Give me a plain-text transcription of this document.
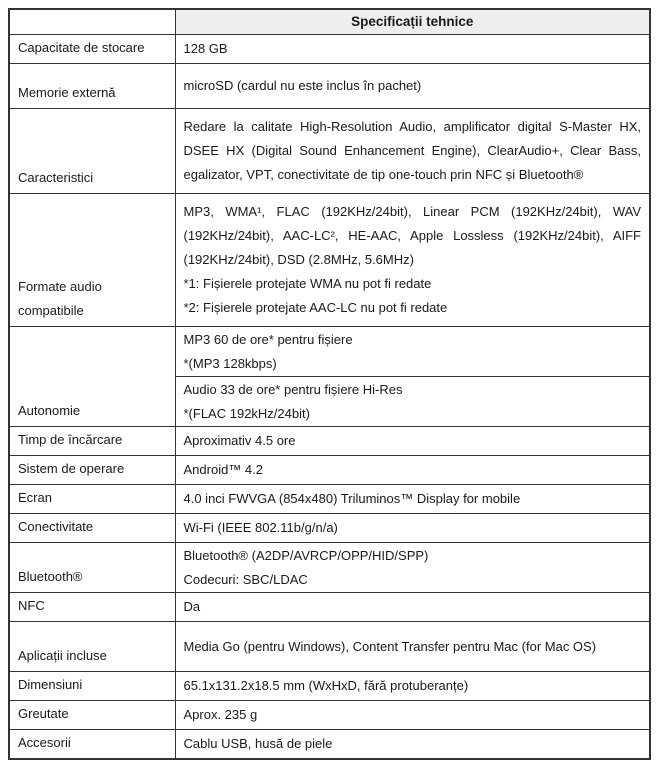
	Specificații tehnice
Capacitate de stocare	128 GB
Memorie externă	microSD (cardul nu este inclus în pachet)
Caracteristici	Redare la calitate High-Resolution Audio, amplificator digital S-Master HX, DSEE HX (Digital Sound Enhancement Engine), ClearAudio+, Clear Bass, egalizator, VPT, conectivitate de tip one-touch prin NFC și Bluetooth®

Formate audio compatibile	MP3, WMA¹, FLAC (192KHz/24bit), Linear PCM (192KHz/24bit), WAV (192KHz/24bit), AAC-LC², HE-AAC, Apple Lossless (192KHz/24bit), AIFF (192KHz/24bit), DSD (2.8MHz, 5.6MHz)
*1: Fișierele protejate WMA nu pot fi redate
*2: Fișierele protejate AAC-LC nu pot fi redate

Autonomie	MP3 60 de ore* pentru fișiere
*(MP3 128kbps)

	Audio 33 de ore* pentru fișiere Hi-Res
*(FLAC 192kHz/24bit)

Timp de încărcare	Aproximativ 4.5 ore
Sistem de operare	Android™ 4.2
Ecran	4.0 inci FWVGA (854x480) Triluminos™ Display for mobile
Conectivitate	Wi-Fi (IEEE 802.11b/g/n/a)
Bluetooth®	Bluetooth® (A2DP/AVRCP/OPP/HID/SPP)
Codecuri: SBC/LDAC

NFC	Da
Aplicații incluse	Media Go (pentru Windows), Content Transfer pentru Mac (for Mac OS)
Dimensiuni	65.1x131.2x18.5 mm (WxHxD, fără protuberanțe)
Greutate	Aprox. 235 g
Accesorii	Cablu USB, husă de piele
